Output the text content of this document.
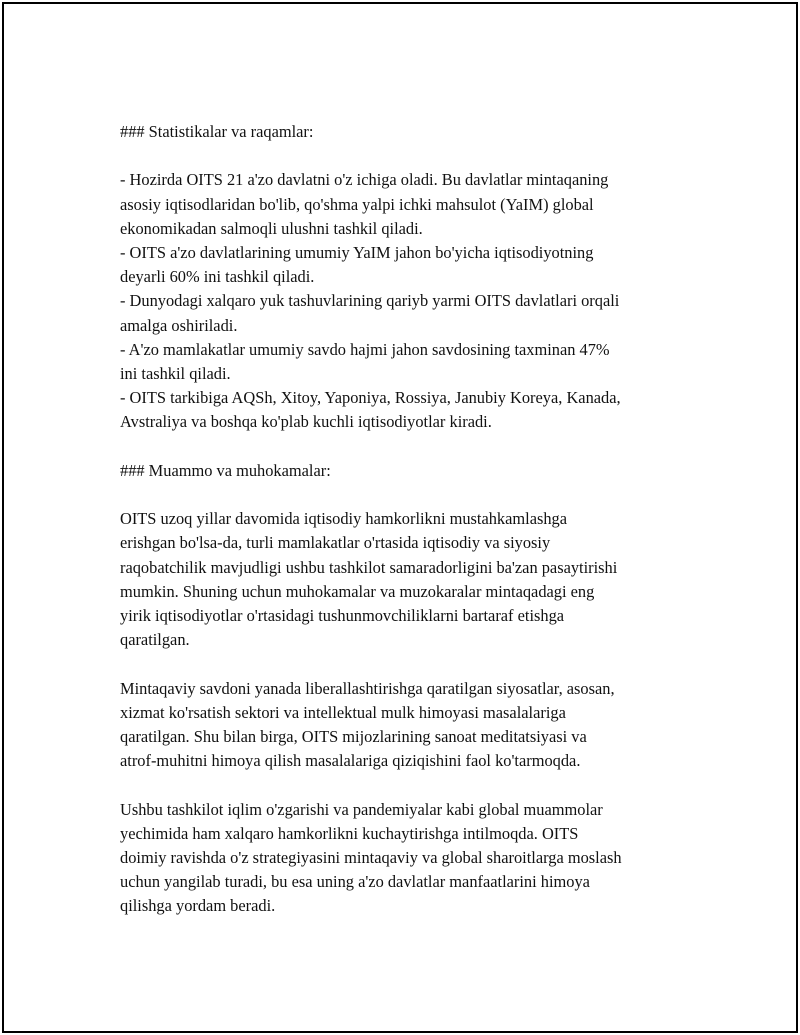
### Statistikalar va raqamlar:
- Hozirda OITS 21 a'zo davlatni o'z ichiga oladi. Bu davlatlar mintaqaning
asosiy iqtisodlaridan bo'lib, qo'shma yalpi ichki mahsulot (YaIM) global
ekonomikadan salmoqli ulushni tashkil qiladi.
- OITS a'zo davlatlarining umumiy YaIM jahon bo'yicha iqtisodiyotning
deyarli 60% ini tashkil qiladi.
- Dunyodagi xalqaro yuk tashuvlarining qariyb yarmi OITS davlatlari orqali
amalga oshiriladi.
- A'zo mamlakatlar umumiy savdo hajmi jahon savdosining taxminan 47%
ini tashkil qiladi.
- OITS tarkibiga AQSh, Xitoy, Yaponiya, Rossiya, Janubiy Koreya, Kanada,
Avstraliya va boshqa ko'plab kuchli iqtisodiyotlar kiradi.
### Muammo va muhokamalar:
OITS uzoq yillar davomida iqtisodiy hamkorlikni mustahkamlashga
erishgan bo'lsa-da, turli mamlakatlar o'rtasida iqtisodiy va siyosiy
raqobatchilik mavjudligi ushbu tashkilot samaradorligini ba'zan pasaytirishi
mumkin. Shuning uchun muhokamalar va muzokaralar mintaqadagi eng
yirik iqtisodiyotlar o'rtasidagi tushunmovchiliklarni bartaraf etishga
qaratilgan.
Mintaqaviy savdoni yanada liberallashtirishga qaratilgan siyosatlar, asosan,
xizmat ko'rsatish sektori va intellektual mulk himoyasi masalalariga
qaratilgan. Shu bilan birga, OITS mijozlarining sanoat meditatsiyasi va
atrof-muhitni himoya qilish masalalariga qiziqishini faol ko'tarmoqda.
Ushbu tashkilot iqlim o'zgarishi va pandemiyalar kabi global muammolar
yechimida ham xalqaro hamkorlikni kuchaytirishga intilmoqda. OITS
doimiy ravishda o'z strategiyasini mintaqaviy va global sharoitlarga moslash
uchun yangilab turadi, bu esa uning a'zo davlatlar manfaatlarini himoya
qilishga yordam beradi.
